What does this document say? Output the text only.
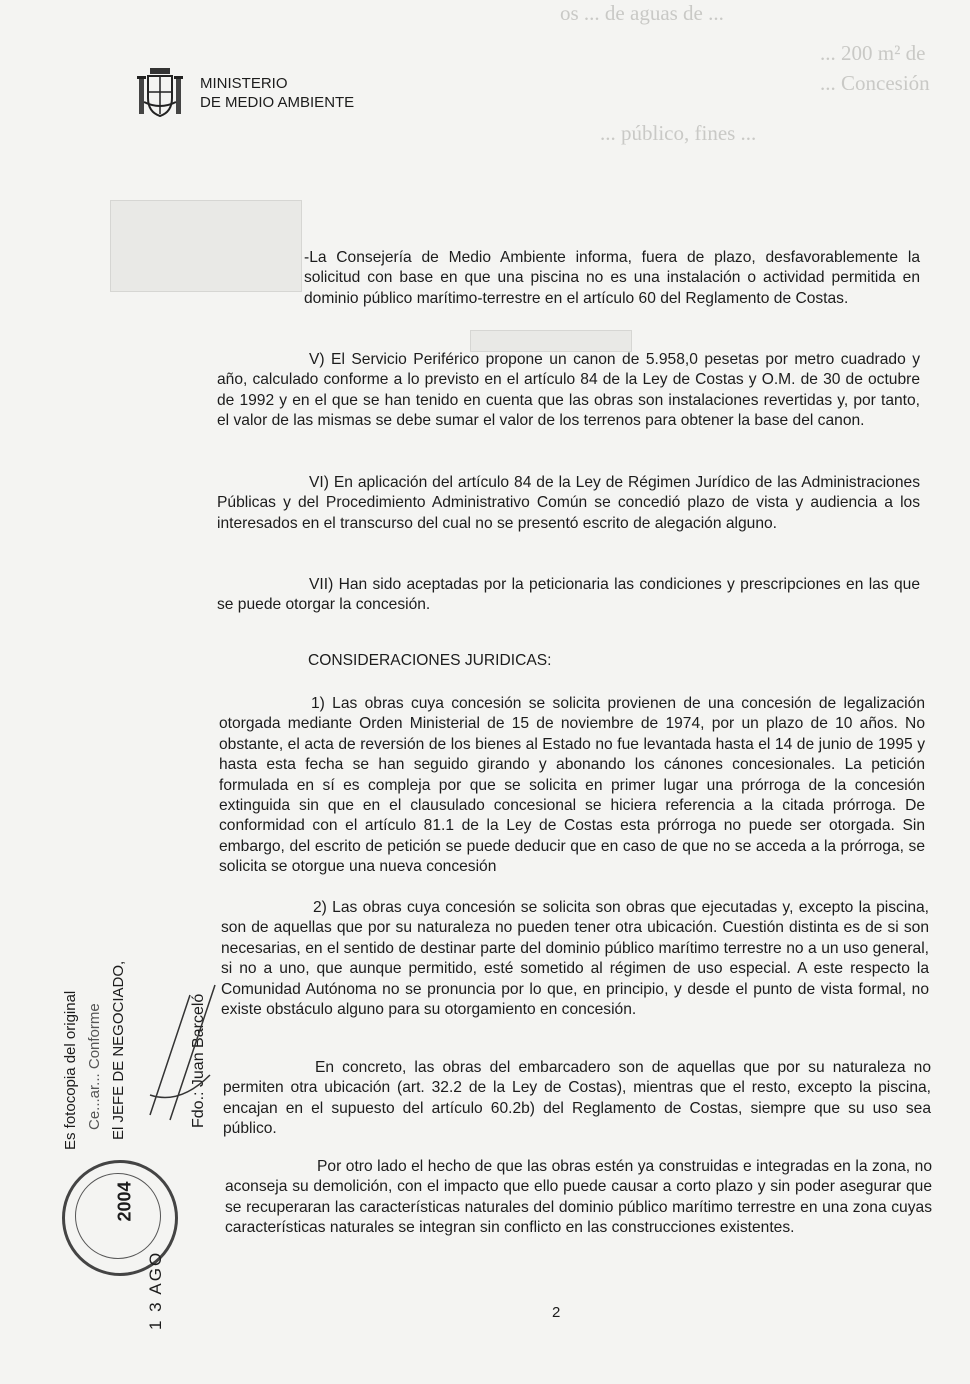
os ... de aguas de ...
... 200 m² de
... Concesión
... público, fines ...
MINISTERIO
DE MEDIO AMBIENTE

-La Consejería de Medio Ambiente informa, fuera de plazo, desfavorablemente la solicitud con base en que una piscina no es una instalación o actividad permitida en dominio público marítimo-terrestre en el artículo 60 del Reglamento de Costas.

V) El Servicio Periférico propone un canon de 5.958,0 pesetas por metro cuadrado y año, calculado conforme a lo previsto en el artículo 84 de la Ley de Costas y O.M. de 30 de octubre de 1992 y en el que se han tenido en cuenta que las obras son instalaciones revertidas y, por tanto, el valor de las mismas se debe sumar el valor de los terrenos para obtener la base del canon.

VI) En aplicación del artículo 84 de la Ley de Régimen Jurídico de las Administraciones Públicas y del Procedimiento Administrativo Común se concedió plazo de vista y audiencia a los interesados en el transcurso del cual no se presentó escrito de alegación alguno.

VII) Han sido aceptadas por la peticionaria las condiciones y prescripciones en las que se puede otorgar la concesión.

CONSIDERACIONES JURIDICAS:

1) Las obras cuya concesión se solicita provienen de una concesión de legalización otorgada mediante Orden Ministerial de 15 de noviembre de 1974, por un plazo de 10 años. No obstante, el acta de reversión de los bienes al Estado no fue levantada hasta el 14 de junio de 1995 y hasta esta fecha se han seguido girando y abonando los cánones concesionales. La petición formulada en sí es compleja por que se solicita en primer lugar una prórroga de la concesión extinguida sin que en el clausulado concesional se hiciera referencia a la citada prórroga. De conformidad con el artículo 81.1 de la Ley de Costas esta prórroga no puede ser otorgada. Sin embargo, del escrito de petición se puede deducir que en caso de que no se acceda a la prórroga, se solicita se otorgue una nueva concesión

2) Las obras cuya concesión se solicita son obras que ejecutadas y, excepto la piscina, son de aquellas que por su naturaleza no pueden tener otra ubicación. Cuestión distinta es de si son necesarias, en el sentido de destinar parte del dominio público marítimo terrestre no a un uso general, si no a uno, que aunque permitido, esté sometido al régimen de uso especial. A este respecto la Comunidad Autónoma no se pronuncia por lo que, en principio, y desde el punto de vista formal, no existe obstáculo alguno para su otorgamiento en concesión.

En concreto, las obras del embarcadero son de aquellas que por su naturaleza no permiten otra ubicación (art. 32.2 de la Ley de Costas), mientras que el resto, excepto la piscina, encajan en el supuesto del artículo 60.2b) del Reglamento de Costas, siempre que su uso sea público.

Por otro lado el hecho de que las obras estén ya construidas e integradas en la zona, no aconseja su demolición, con el impacto que ello puede causar a corto plazo y sin poder asegurar que se recuperaran las características naturales del dominio público marítimo terrestre en una zona cuyas características naturales se integran sin conflicto en las construcciones existentes.

2
Es fotocopia del original Ce...ar... Conforme El JEFE DE NEGOCIADO,	Fdo.: Juan Barceló
2004
1 3 AGO
